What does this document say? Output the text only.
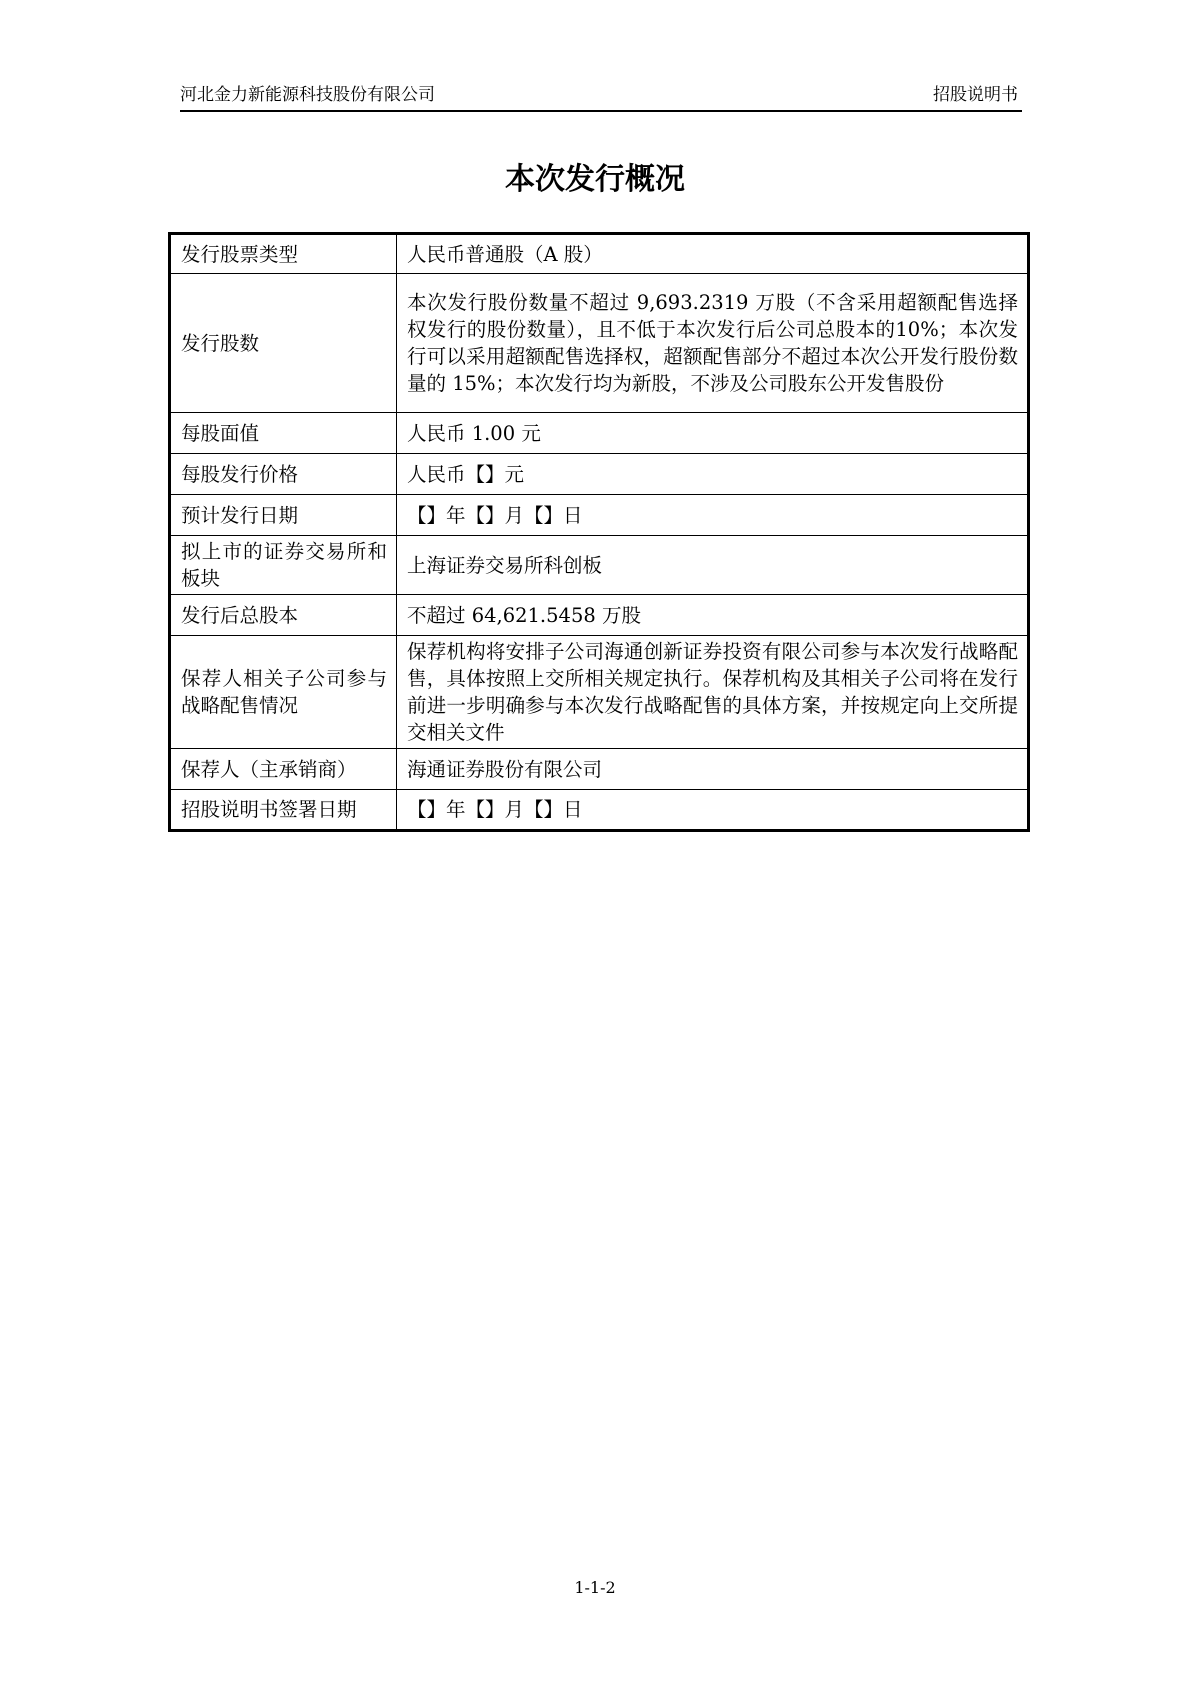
河北金力新能源科技股份有限公司	招股说明书
本次发行概况
发行股票类型	人民币普通股（A 股）
发行股数	本次发行股份数量不超过 9,693.2319 万股（不含采用超额配售选择权发行的股份数量），且不低于本次发行后公司总股本的10%；本次发行可以采用超额配售选择权，超额配售部分不超过本次公开发行股份数量的 15%；本次发行均为新股，不涉及公司股东公开发售股份
每股面值	人民币 1.00 元
每股发行价格	人民币【】元
预计发行日期	【】年【】月【】日
拟上市的证券交易所和板块	上海证券交易所科创板
发行后总股本	不超过 64,621.5458 万股
保荐人相关子公司参与战略配售情况	保荐机构将安排子公司海通创新证券投资有限公司参与本次发行战略配售，具体按照上交所相关规定执行。保荐机构及其相关子公司将在发行前进一步明确参与本次发行战略配售的具体方案，并按规定向上交所提交相关文件
保荐人（主承销商）	海通证券股份有限公司
招股说明书签署日期	【】年【】月【】日
1-1-2
